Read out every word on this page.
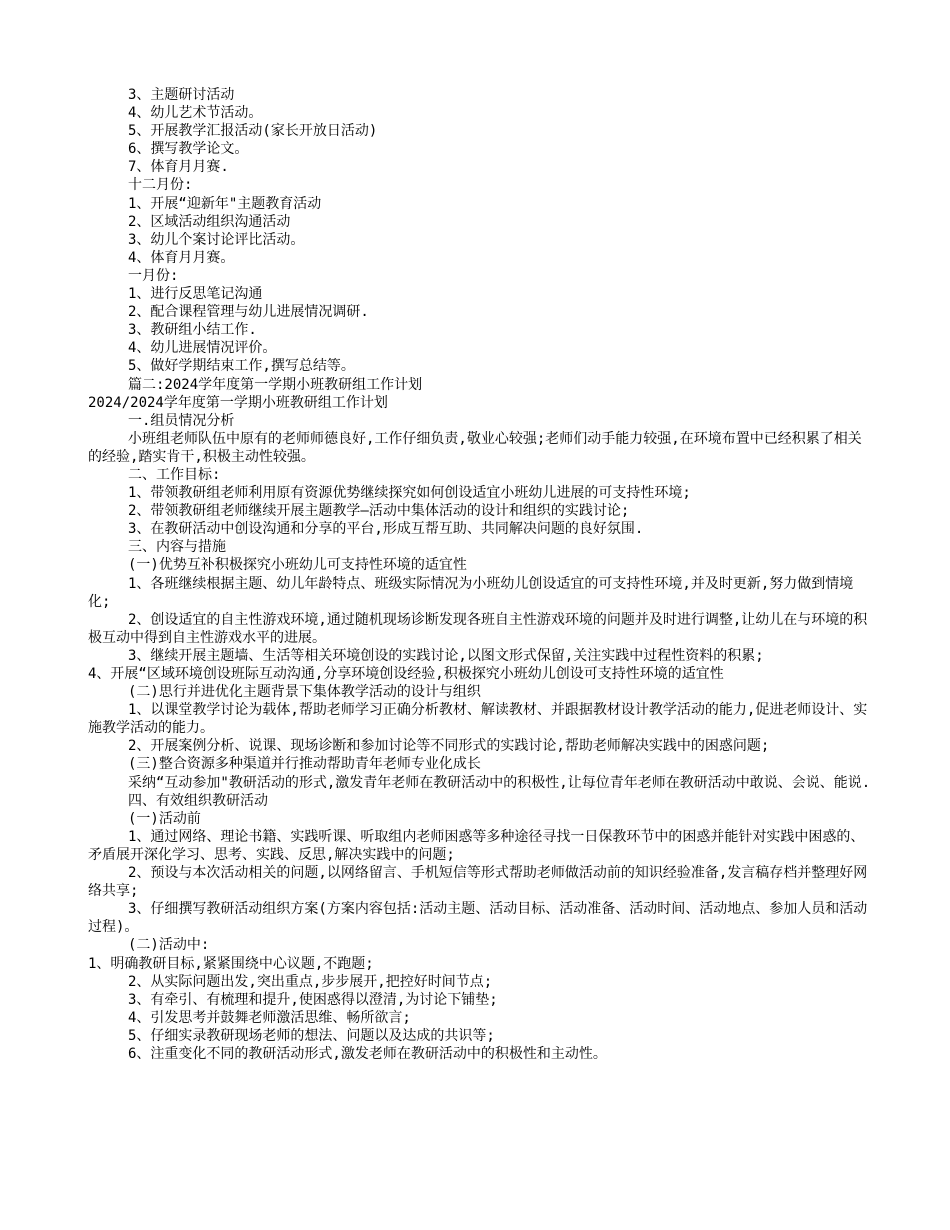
3、主题研讨活动
4、幼儿艺术节活动。
5、开展教学汇报活动(家长开放日活动)
6、撰写教学论文。
7、体育月月赛.
十二月份:
1、开展“迎新年"主题教育活动
2、区域活动组织沟通活动
3、幼儿个案讨论评比活动。
4、体育月月赛。
一月份:
1、进行反思笔记沟通
2、配合课程管理与幼儿进展情况调研.
3、教研组小结工作.
4、幼儿进展情况评价。
5、做好学期结束工作,撰写总结等。
篇二:2024学年度第一学期小班教研组工作计划
2024/2024学年度第一学期小班教研组工作计划
一.组员情况分析
小班组老师队伍中原有的老师师德良好,工作仔细负责,敬业心较强;老师们动手能力较强,在环境布置中已经积累了相关的经验,踏实肯干,积极主动性较强。
二、工作目标:
1、带领教研组老师利用原有资源优势继续探究如何创设适宜小班幼儿进展的可支持性环境;
2、带领教研组老师继续开展主题教学—活动中集体活动的设计和组织的实践讨论;
3、在教研活动中创设沟通和分享的平台,形成互帮互助、共同解决问题的良好氛围.
三、内容与措施
(一)优势互补积极探究小班幼儿可支持性环境的适宜性
1、各班继续根据主题、幼儿年龄特点、班级实际情况为小班幼儿创设适宜的可支持性环境,并及时更新,努力做到情境化;
2、创设适宜的自主性游戏环境,通过随机现场诊断发现各班自主性游戏环境的问题并及时进行调整,让幼儿在与环境的积极互动中得到自主性游戏水平的进展。
3、继续开展主题墙、生活等相关环境创设的实践讨论,以图文形式保留,关注实践中过程性资料的积累;
4、开展“区域环境创设班际互动沟通,分享环境创设经验,积极探究小班幼儿创设可支持性环境的适宜性
(二)思行并进优化主题背景下集体教学活动的设计与组织
1、以课堂教学讨论为载体,帮助老师学习正确分析教材、解读教材、并跟据教材设计教学活动的能力,促进老师设计、实施教学活动的能力。
2、开展案例分析、说课、现场诊断和参加讨论等不同形式的实践讨论,帮助老师解决实践中的困惑问题;
(三)整合资源多种渠道并行推动帮助青年老师专业化成长
采纳“互动参加"教研活动的形式,激发青年老师在教研活动中的积极性,让每位青年老师在教研活动中敢说、会说、能说.
四、有效组织教研活动
(一)活动前
1、通过网络、理论书籍、实践听课、听取组内老师困惑等多种途径寻找一日保教环节中的困惑并能针对实践中困惑的、矛盾展开深化学习、思考、实践、反思,解决实践中的问题;
2、预设与本次活动相关的问题,以网络留言、手机短信等形式帮助老师做活动前的知识经验准备,发言稿存档并整理好网络共享;
3、仔细撰写教研活动组织方案(方案内容包括:活动主题、活动目标、活动准备、活动时间、活动地点、参加人员和活动过程)。
(二)活动中:
1、明确教研目标,紧紧围绕中心议题,不跑题;
2、从实际问题出发,突出重点,步步展开,把控好时间节点;
3、有牵引、有梳理和提升,使困惑得以澄清,为讨论下铺垫;
4、引发思考并鼓舞老师激活思维、畅所欲言;
5、仔细实录教研现场老师的想法、问题以及达成的共识等;
6、注重变化不同的教研活动形式,激发老师在教研活动中的积极性和主动性。
